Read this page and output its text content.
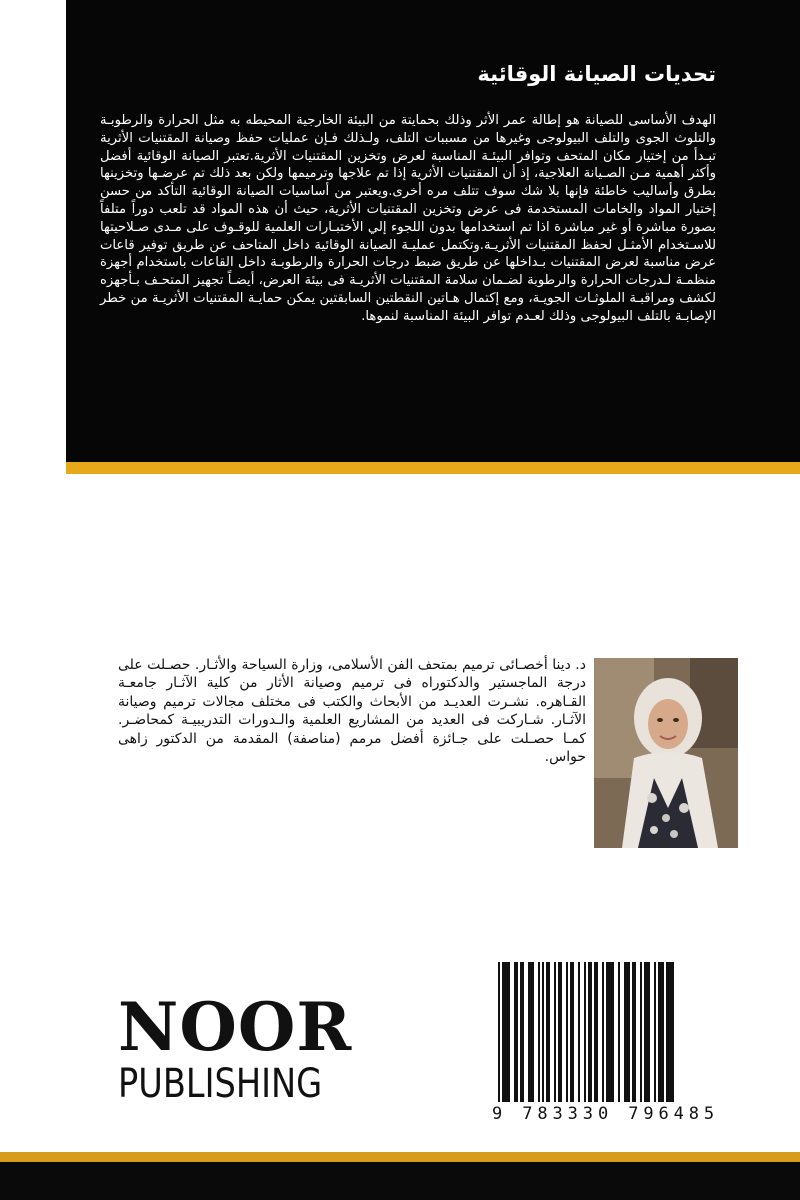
تحديات الصيانة الوقائية
الهدف الأساسى للصيانة هو إطالة عمر الأثر وذلك بحمايتة من البيئة الخارجية المحيطه به مثل الحرارة والرطوبـة والتلوث الجوى والتلف البيولوجى وغيرها من مسببات التلف، ولـذلك فـإن عمليات حفظ وصيانة المقتنيات الأثرية تبـدأ من إختيار مكان المتحف وتوافر البيئـة المناسبة لعرض وتخزين المقتنيات الأثرية.تعتبر الصيانة الوقائية أفضل وأكثر أهمية مـن الصـيانة العلاجية، إذ أن المقتنيات الأثرية إذا تم علاجها وترميمها ولكن بعد ذلك تم عرضـها وتخزينها بطرق وأساليب خاطئة فإنها بلا شك سوف تتلف مره أخرى.ويعتبر من أساسيات الصيانة الوقائية التأكد من حسن إختيار المواد والخامات المستخدمة فى عرض وتخزين المقتنيات الأثرية، حيث أن هذه المواد قد تلعب دوراً متلفاً بصورة مباشرة أو غير مباشرة اذا تم استخدامها بدون اللجوء إلي الأختبـارات العلمية للوقـوف على مـدى صـلاحيتها للاسـتخدام الأمثـل لحفظ المقتنيات الأثريـة.وتكتمل عمليـة الصيانة الوقائية داخل المتاحف عن طريق توفير قاعات عرض مناسبة لعرض المقتنيات بـداخلها عن طريق ضبط درجات الحرارة والرطوبـة داخل القاعات باستخدام أجهزة منظمـة لـدرجات الحرارة والرطوبة لضـمان سلامة المقتنيات الأثريـة فى بيئة العرض، أيضـاً تجهيز المتحـف بـأجهزه لكشف ومراقبـة الملوثـات الجويـة، ومع إكتمال هـاتين النقطتين السابقتين يمكن حمايـة المقتنيات الأثريـة من خطر الإصابـة بالتلف البيولوجى وذلك لعـدم توافر البيئة المناسبة لنموها.
د. دينا أخصـائى ترميم بمتحف الفن الأسلامى، وزارة السياحة والأثـار. حصـلت على درجة الماجستير والدكتوراه فى ترميم وصيانة الأثار من كلية الآثـار جامعـة القـاهره. نشـرت العديـد من الأبحاث والكتب فى مختلف مجالات ترميم وصيانة الآثـار. شـاركت فى العديد من المشاريع العلمية والـدورات التدريبيـة كمحاضـر. كمـا حصـلت على جـائزة أفضل مرمم (مناصفة) المقدمة من الدكتور زاهى حواس.
NOOR
PUBLISHING
9 783330 796485
